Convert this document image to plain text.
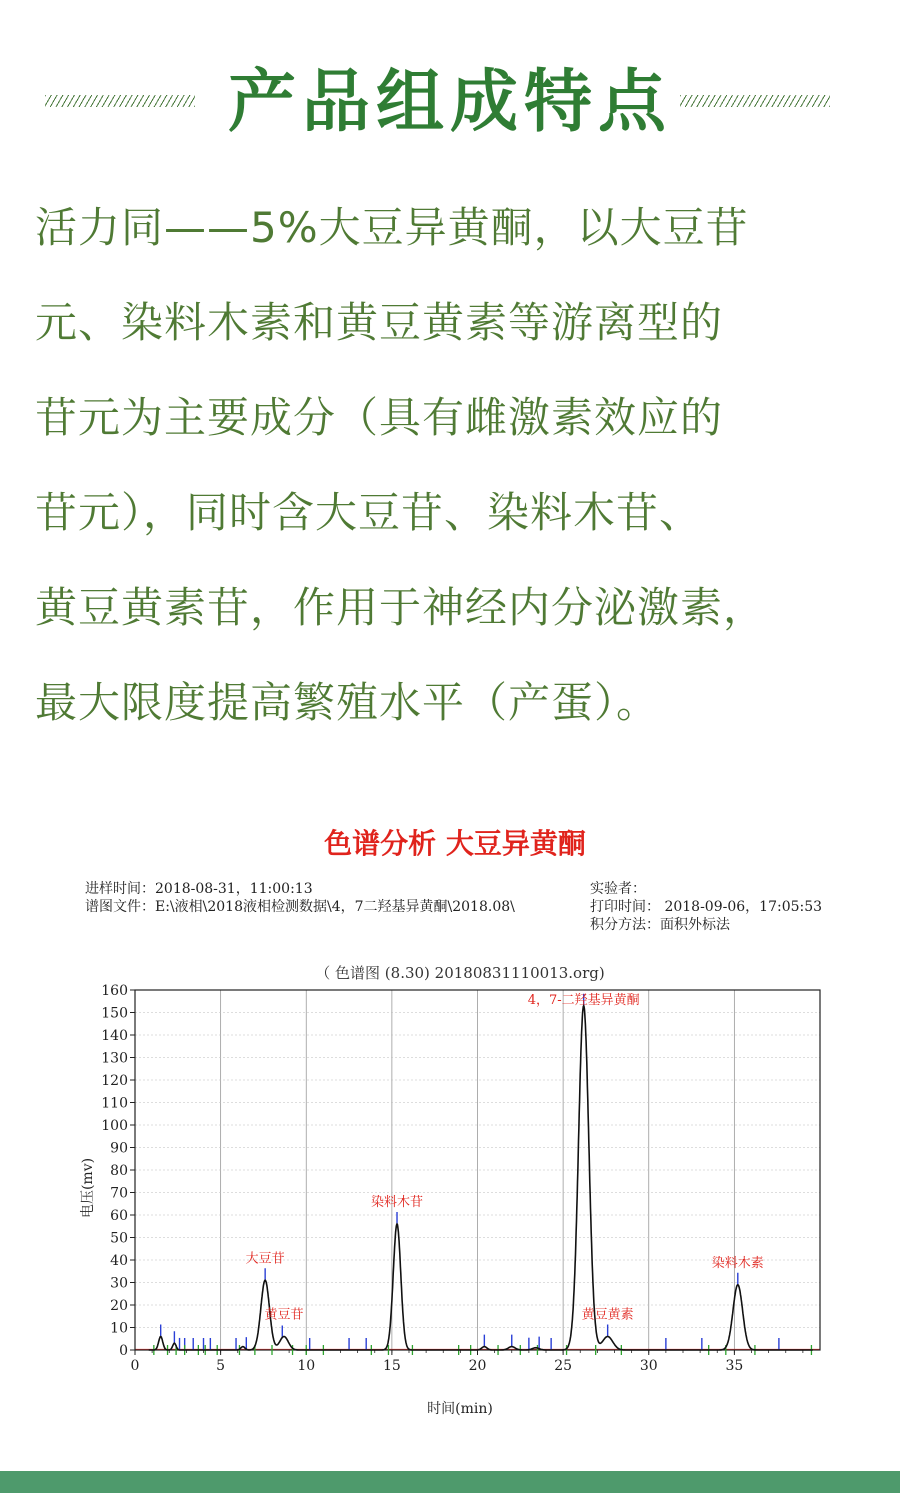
产品组成特点
活力同——5%大豆异黄酮，以大豆苷
元、染料木素和黄豆黄素等游离型的
苷元为主要成分（具有雌激素效应的
苷元），同时含大豆苷、染料木苷、
黄豆黄素苷，作用于神经内分泌激素，
最大限度提高繁殖水平（产蛋）。
色谱分析 大豆异黄酮
进样时间：2018-08-31，11:00:13
谱图文件：E:\液相\2018液相检测数据\4，7二羟基异黄酮\2018.08\
实验者：
打印时间： 2018-09-06，17:05:53
积分方法：面积外标法
（ 色谱图 (8.30) 20180831110013.org)
0	5	10	15	20	25	30	35
0
10
20
30
40
50
60
70
80
90
100
110
120
130
140
150
160
大豆苷
黄豆苷
染料木苷
4，7-二羟基异黄酮
黄豆黄素
染料木素
时间(min)
电压(mv)
